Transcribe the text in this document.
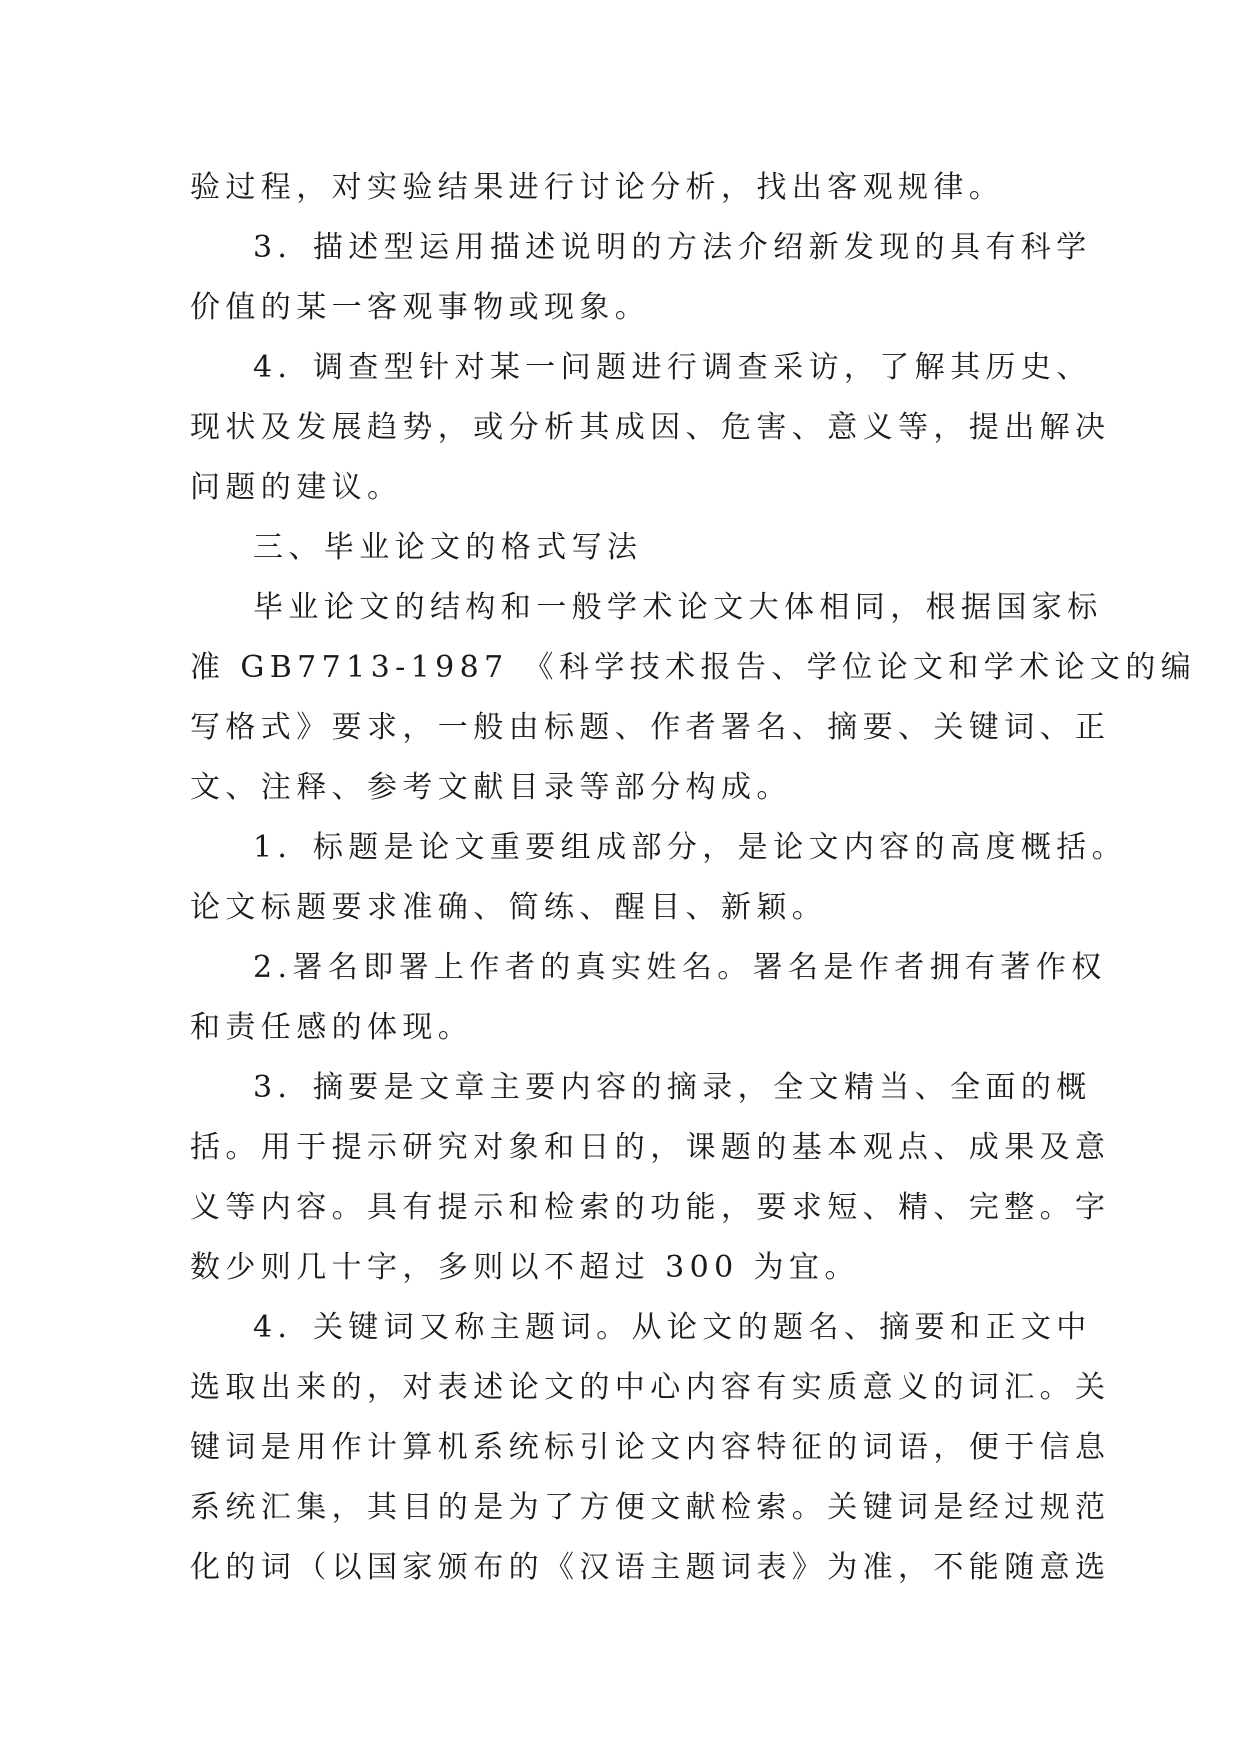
验过程，对实验结果进行讨论分析，找出客观规律。
3．描述型运用描述说明的方法介绍新发现的具有科学
价值的某一客观事物或现象。
4．调查型针对某一问题进行调查采访，了解其历史、
现状及发展趋势，或分析其成因、危害、意义等，提出解决
问题的建议。
三、毕业论文的格式写法
毕业论文的结构和一般学术论文大体相同，根据国家标
准 GB7713-1987 《科学技术报告、学位论文和学术论文的编
写格式》要求，一般由标题、作者署名、摘要、关键词、正
文、注释、参考文献目录等部分构成。
1．标题是论文重要组成部分，是论文内容的高度概括。
论文标题要求准确、简练、醒目、新颖。
2.署名即署上作者的真实姓名。署名是作者拥有著作权
和责任感的体现。
3．摘要是文章主要内容的摘录，全文精当、全面的概
括。用于提示研究对象和日的，课题的基本观点、成果及意
义等内容。具有提示和检索的功能，要求短、精、完整。字
数少则几十字，多则以不超过 300 为宜。
4．关键词又称主题词。从论文的题名、摘要和正文中
选取出来的，对表述论文的中心内容有实质意义的词汇。关
键词是用作计算机系统标引论文内容特征的词语，便于信息
系统汇集，其目的是为了方便文献检索。关键词是经过规范
化的词（以国家颁布的《汉语主题词表》为准，不能随意选
